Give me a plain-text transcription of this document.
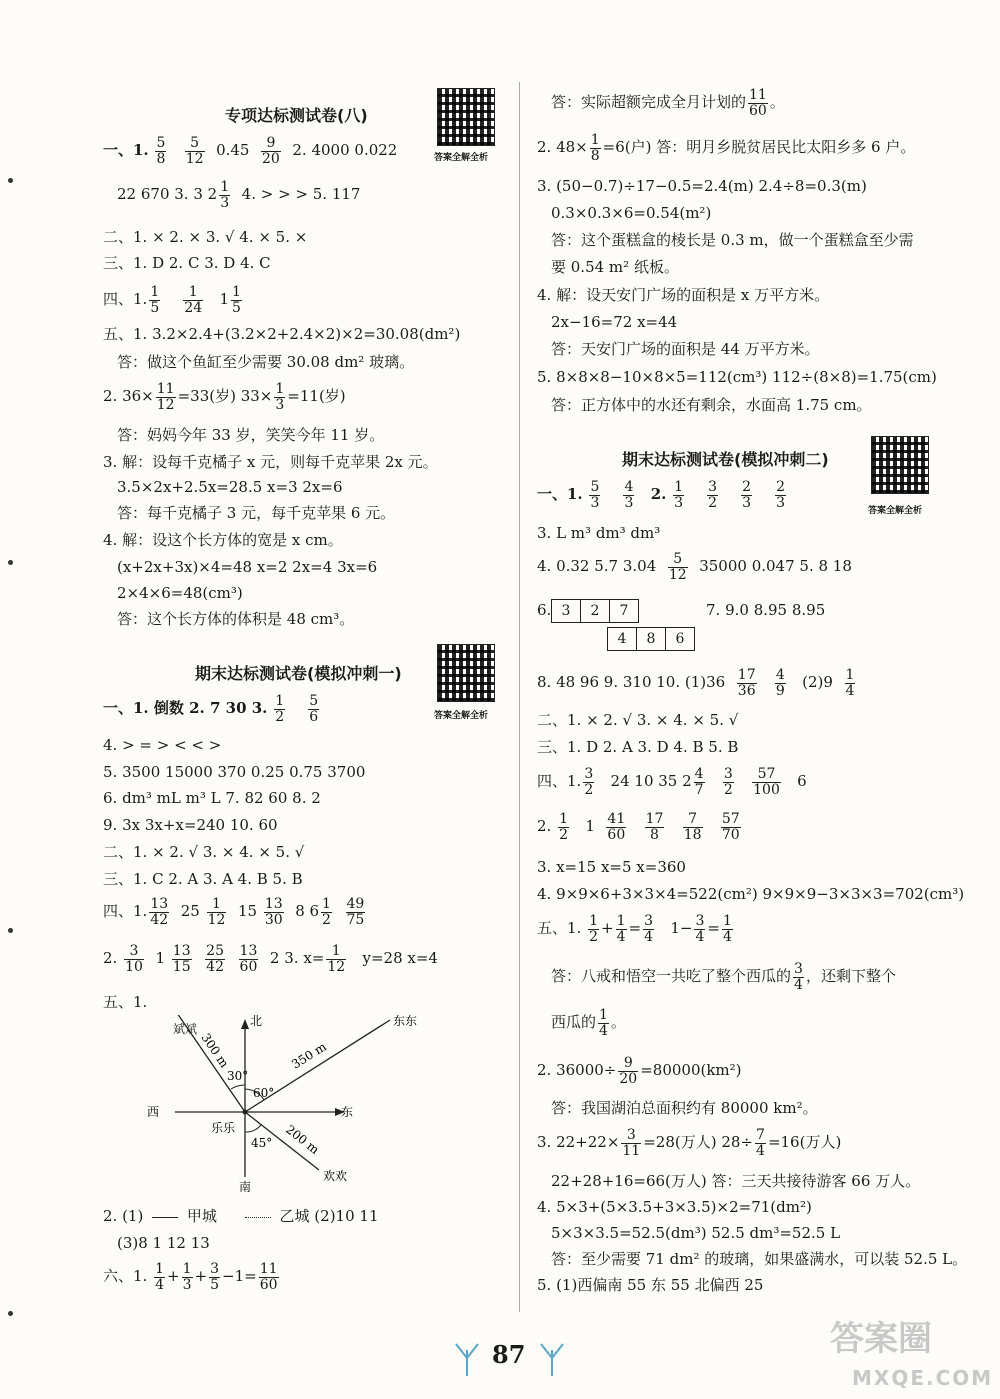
专项达标测试卷(八)
答案全解全析
一、1. $\frac{5}{8}$
$\frac{5}{12} 0.45 \frac{9}{20} 2$. 4000 0.022
22 670 3. 3 $2 \frac{1}{3} 4$. > > > 5. 117
二、1. × 2. × 3. √ 4. × 5. ×
三、1. D 2. C 3. D 4. C
四、1. $\frac{1}{5}$
$\frac{1}{24} 1 \frac{1}{5}$
五、1. 3.2×2.4+(3.2×2+2.4×2)×2=30.08(dm²)
答：做这个鱼缸至少需要 30.08 dm² 玻璃。
2. $36\times \frac{11}{12} =33$(岁) $33\times \frac{1}{3} =11$(岁)
答：妈妈今年 33 岁，笑笑今年 11 岁。
3. 解：设每千克橘子 x 元，则每千克苹果 2x 元。
3.5×2x+2.5x=28.5 x=3 2x=6
答：每千克橘子 3 元，每千克苹果 6 元。
4. 解：设这个长方体的宽是 x cm。
(x+2x+3x)×4=48 x=2 2x=4 3x=6
2×4×6=48(cm³)
答：这个长方体的体积是 48 cm³。
期末达标测试卷(模拟冲刺一)
答案全解全析
一、1. 倒数 2. 7 30 3. $\frac{1}{2}$
$\frac{5}{6}$
4. > = > < < >
5. 3500 15000 370 0.25 0.75 3700
6. dm³ mL m³ L 7. 82 60 8. 2
9. 3x 3x+x=240 10. 60
二、1. × 2. √ 3. × 4. × 5. √
三、1. C 2. A 3. A 4. B 5. B
四、1. $\frac{13}{42} 25 \frac{1}{12} 15 \frac{13}{30} 8$ $6 \frac{1}{2}$
$\frac{49}{75}$
2. $\frac{3}{10} 1 \frac{13}{15}$
$\frac{25}{42}$
$\frac{13}{60} 2$ 3. $x= \frac{1}{12} y=28$ x=4
五、1.
30°
60°
45°
300 m	350 m
200 m
北	东东
西	东
乐乐
欢欢
南
斌斌
2. (1)	甲城	乙城 (2)10 11
(3)8 1 12 13
六、1. $\frac{1}{4} + \frac{1}{3} + \frac{3}{5} -1= \frac{11}{60}$
答：实际超额完成全月计划的 $\frac{11}{60}$ 。
2. $48\times \frac{1}{8} =6$(户) 答：明月乡脱贫居民比太阳乡多 6 户。
3. (50−0.7)÷17−0.5=2.4(m) 2.4÷8=0.3(m)
0.3×0.3×6=0.54(m²)
答：这个蛋糕盒的棱长是 0.3 m，做一个蛋糕盒至少需
要 0.54 m² 纸板。
4. 解：设天安门广场的面积是 x 万平方米。
2x−16=72 x=44
答：天安门广场的面积是 44 万平方米。
5. 8×8×8−10×8×5=112(cm³) 112÷(8×8)=1.75(cm)
答：正方体中的水还有剩余，水面高 1.75 cm。
期末达标测试卷(模拟冲刺二)
答案全解全析
一、1. $\frac{5}{3}$
$\frac{4}{3} 2$. $\frac{1}{3}$
$\frac{3}{2}$
$\frac{2}{3}$
$\frac{2}{3}$
3. L m³ dm³ dm³
4. 0.32 5.7 $3.04 \frac{5}{12} 35000$ 0.047 5. 8 18
6. 3 2 7
4 8 6
7. 9.0 8.95 8.95
8. 48 96 9. 310 10. $(1)36 \frac{17}{36}$
$\frac{4}{9} (2)9 \frac{1}{4}$
二、1. × 2. √ 3. × 4. × 5. √
三、1. D 2. A 3. D 4. B 5. B
四、1. $\frac{3}{2} 24$ 10 35 $2 \frac{4}{7}$
$\frac{3}{2}$
$\frac{57}{100} 6$
2. $\frac{1}{2} 1 \frac{41}{60}$
$\frac{17}{8}$
$\frac{7}{18}$
$\frac{57}{70}$
3. x=15 x=5 x=360
4. 9×9×6+3×3×4=522(cm²) 9×9×9−3×3×3=702(cm³)
五、1. $\frac{1}{2} + \frac{1}{4} = \frac{3}{4} 1- \frac{3}{4} = \frac{1}{4}$
答：八戒和悟空一共吃了整个西瓜的 $\frac{3}{4}$ ，还剩下整个
西瓜的 $\frac{1}{4}$ 。
2. $36000\div \frac{9}{20} =80000(km^2)$
答：我国湖泊总面积约有 80000 km²。
3. $22+22\times \frac{3}{11} =28$(万人) $28\div \frac{7}{4} =16$(万人)
22+28+16=66(万人) 答：三天共接待游客 66 万人。
4. 5×3+(5×3.5+3×3.5)×2=71(dm²)
5×3×3.5=52.5(dm³) 52.5 dm³=52.5 L
答：至少需要 71 dm² 的玻璃，如果盛满水，可以装 52.5 L。
5. (1)西偏南 55 东 55 北偏西 25
87	答案圈
MXQE.COM
